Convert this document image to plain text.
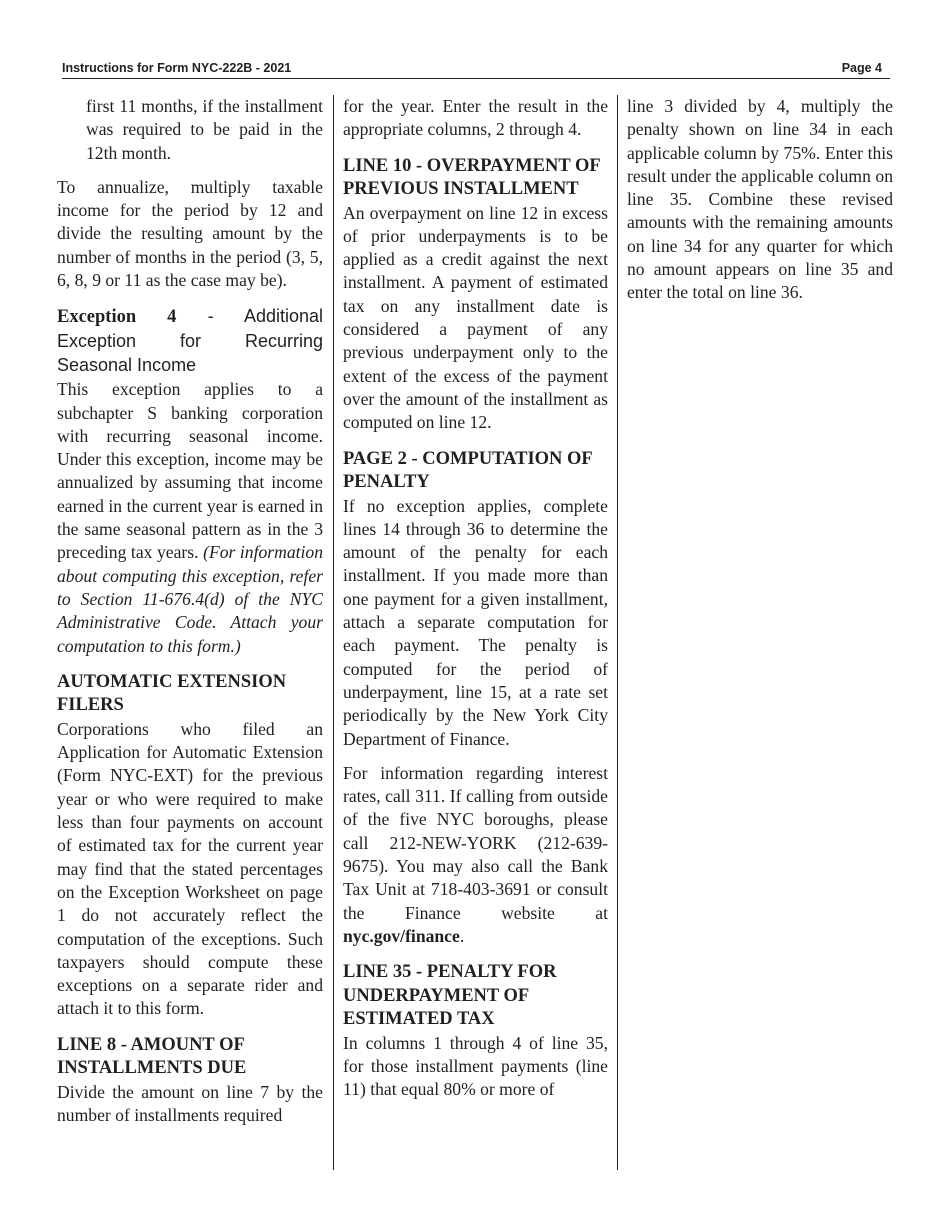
Instructions for Form NYC-222B - 2021	Page 4

first 11 months, if the installment was required to be paid in the 12th month.

To annualize, multiply taxable income for the period by 12 and divide the resulting amount by the number of months in the period (3, 5, 6, 8, 9 or 11 as the case may be).

Exception 4 - Additional Exception for Recurring Seasonal Income

This exception applies to a subchapter S banking corporation with recurring seasonal income. Under this exception, income may be annualized by assuming that income earned in the current year is earned in the same seasonal pattern as in the 3 preceding tax years. (For information about computing this exception, refer to Section 11-676.4(d) of the NYC Administrative Code. Attach your computation to this form.)

AUTOMATIC EXTENSION FILERS

Corporations who filed an Application for Automatic Extension (Form NYC-EXT) for the previous year or who were required to make less than four payments on account of estimated tax for the current year may find that the stated percentages on the Exception Worksheet on page 1 do not accurately reflect the computation of the exceptions. Such taxpayers should compute these exceptions on a separate rider and attach it to this form.

LINE 8 - AMOUNT OF INSTALLMENTS DUE

Divide the amount on line 7 by the number of installments required

for the year. Enter the result in the appropriate columns, 2 through 4.

LINE 10 - OVERPAYMENT OF PREVIOUS INSTALLMENT

An overpayment on line 12 in excess of prior underpayments is to be applied as a credit against the next installment. A payment of estimated tax on any installment date is considered a payment of any previous underpayment only to the extent of the excess of the payment over the amount of the installment as computed on line 12.

PAGE 2 - COMPUTATION OF PENALTY

If no exception applies, complete lines 14 through 36 to determine the amount of the penalty for each installment. If you made more than one payment for a given installment, attach a separate computation for each payment. The penalty is computed for the period of underpayment, line 15, at a rate set periodically by the New York City Department of Finance.

For information regarding interest rates, call 311. If calling from outside of the five NYC boroughs, please call 212-NEW-YORK (212-639-9675). You may also call the Bank Tax Unit at 718-403-3691 or consult the Finance website at nyc.gov/finance.

LINE 35 - PENALTY FOR UNDERPAYMENT OF ESTIMATED TAX

In columns 1 through 4 of line 35, for those installment payments (line 11) that equal 80% or more of

line 3 divided by 4, multiply the penalty shown on line 34 in each applicable column by 75%. Enter this result under the applicable column on line 35. Combine these revised amounts with the remaining amounts on line 34 for any quarter for which no amount appears on line 35 and enter the total on line 36.
